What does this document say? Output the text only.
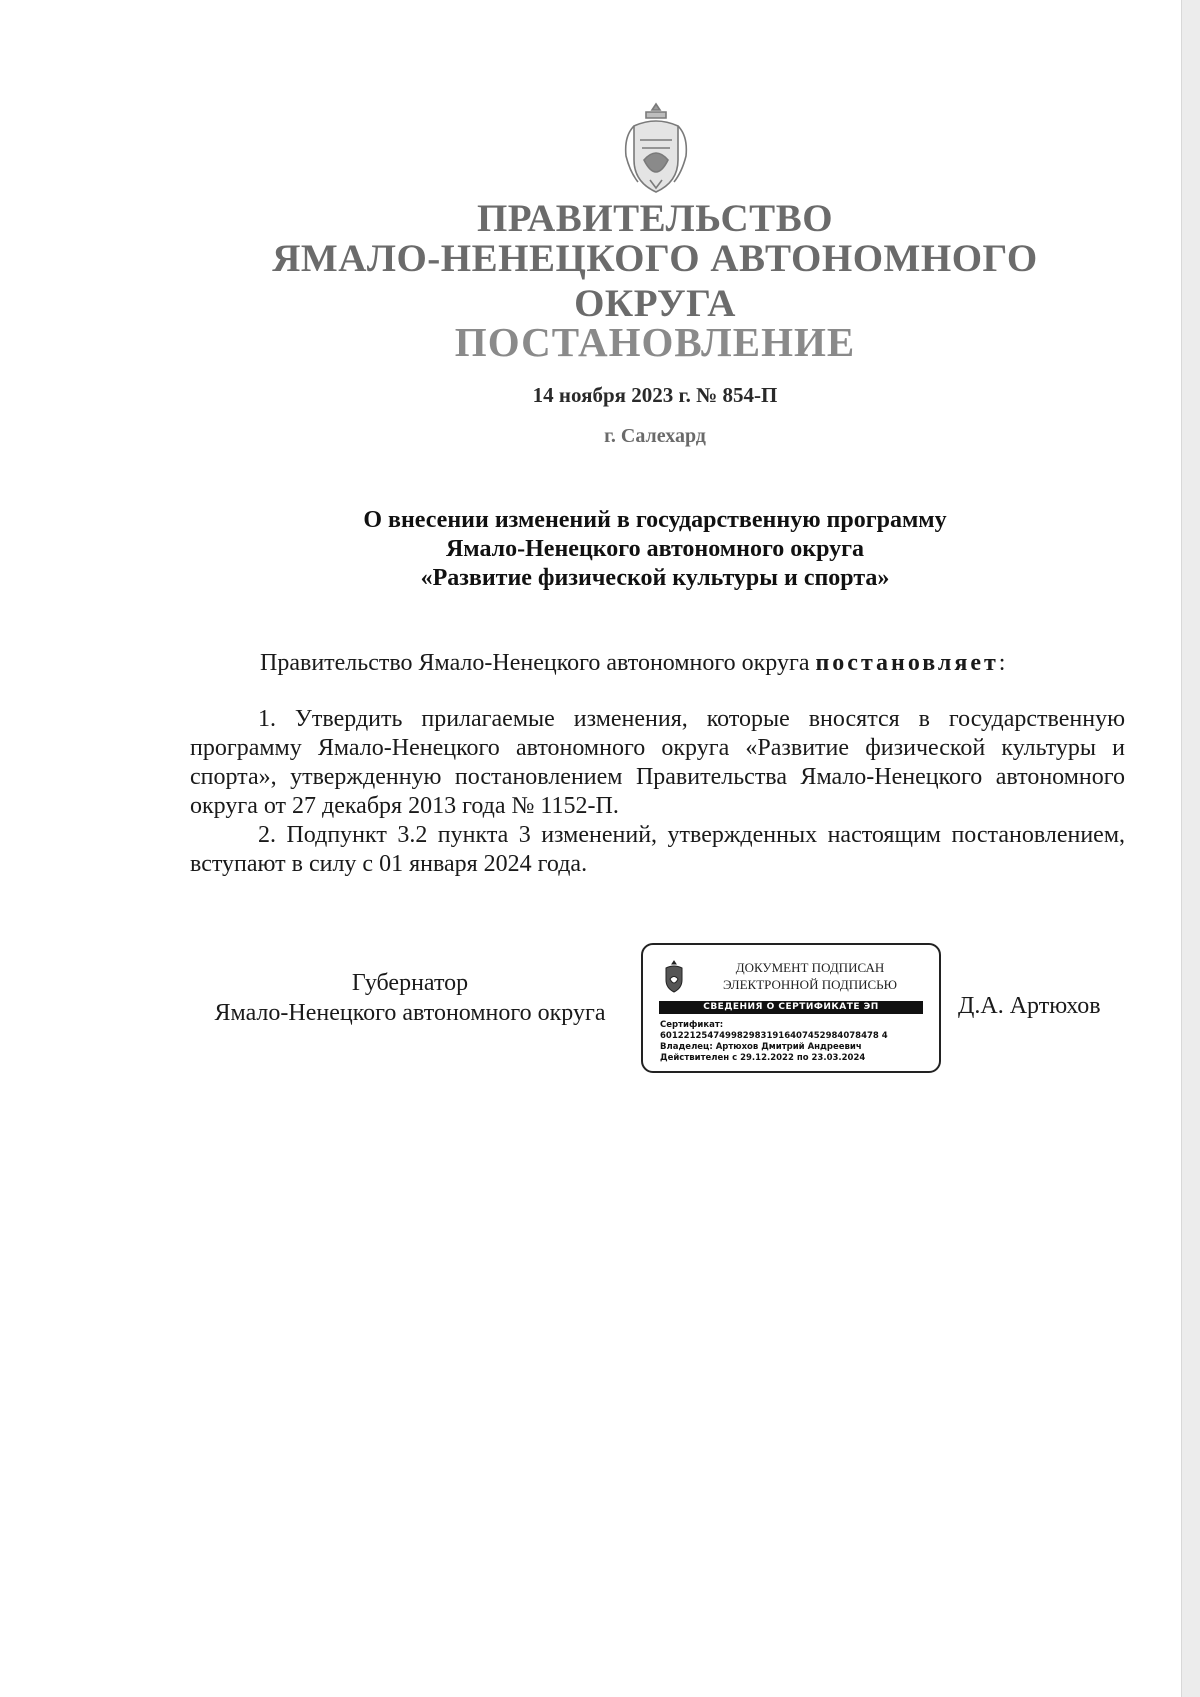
ПРАВИТЕЛЬСТВО
ЯМАЛО-НЕНЕЦКОГО АВТОНОМНОГО ОКРУГА
ПОСТАНОВЛЕНИЕ
14 ноября 2023 г. № 854-П
г. Салехард
О внесении изменений в государственную программу
Ямало-Ненецкого автономного округа
«Развитие физической культуры и спорта»
Правительство Ямало-Ненецкого автономного округа постановляет:

1. Утвердить прилагаемые изменения, которые вносятся в государственную программу Ямало-Ненецкого автономного округа «Развитие физической культуры и спорта», утвержденную постановлением Правительства Ямало-Ненецкого автономного округа от 27 декабря 2013 года № 1152-П.

2. Подпункт 3.2 пункта 3 изменений, утвержденных настоящим постановлением, вступают в силу с 01 января 2024 года.

Губернатор
Ямало-Ненецкого автономного округа
ДОКУМЕНТ ПОДПИСАН
ЭЛЕКТРОННОЙ ПОДПИСЬЮ
СВЕДЕНИЯ О СЕРТИФИКАТЕ ЭП
Сертификат:
6012212547499829831916407452984078478 4
Владелец: Артюхов Дмитрий Андреевич
Действителен с 29.12.2022 по 23.03.2024
Д.А. Артюхов
